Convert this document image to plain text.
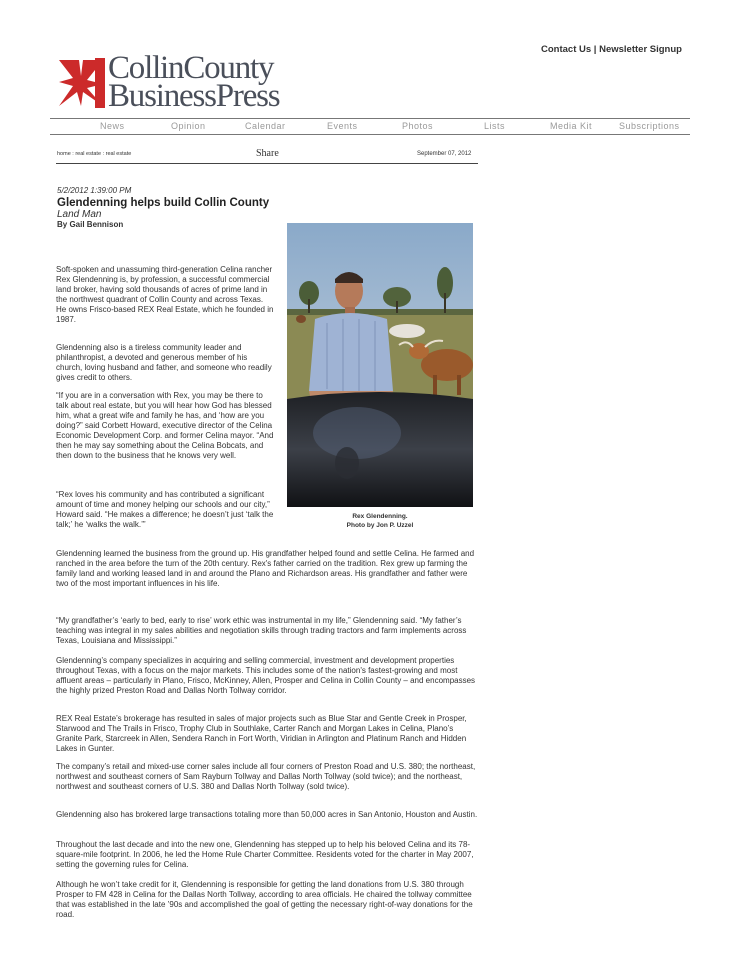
Contact Us | Newsletter Signup
CollinCounty
BusinessPress
News	Opinion	Calendar	Events	Photos	Lists	Media Kit	Subscriptions
home : real estate : real estate	Share	September 07, 2012
5/2/2012 1:39:00 PM
Glendenning helps build Collin County
Land Man
By Gail Bennison
Rex Glendenning.
Photo by Jon P. Uzzel

Soft-spoken and unassuming third-generation Celina rancher Rex Glendenning is, by profession, a successful commercial land broker, having sold thousands of acres of prime land in the northwest quadrant of Collin County and across Texas. He owns Frisco-based REX Real Estate, which he founded in 1987.

Glendenning also is a tireless community leader and philanthropist, a devoted and generous member of his church, loving husband and father, and someone who readily gives credit to others.

“If you are in a conversation with Rex, you may be there to talk about real estate, but you will hear how God has blessed him, what a great wife and family he has, and ‘how are you doing?” said Corbett Howard, executive director of the Celina Economic Development Corp. and former Celina mayor. “And then he may say something about the Celina Bobcats, and then down to the business that he knows very well.

“Rex loves his community and has contributed a significant amount of time and money helping our schools and our city,” Howard said. “He makes a difference; he doesn’t just ‘talk the talk;’ he ‘walks the walk.’”

Glendenning learned the business from the ground up. His grandfather helped found and settle Celina. He farmed and ranched in the area before the turn of the 20th century. Rex's father carried on the tradition. Rex grew up farming the family land and working leased land in and around the Plano and Richardson areas. His grandfather and father were two of the most important influences in his life.

“My grandfather’s ‘early to bed, early to rise’ work ethic was instrumental in my life,” Glendenning said. “My father’s teaching was integral in my sales abilities and negotiation skills through trading tractors and farm implements across Texas, Louisiana and Mississippi.”

Glendenning’s company specializes in acquiring and selling commercial, investment and development properties throughout Texas, with a focus on the major markets. This includes some of the nation's fastest-growing and most affluent areas – particularly in Plano, Frisco, McKinney, Allen, Prosper and Celina in Collin County – and encompasses the highly prized Preston Road and Dallas North Tollway corridor.

REX Real Estate’s brokerage has resulted in sales of major projects such as Blue Star and Gentle Creek in Prosper, Starwood and The Trails in Frisco, Trophy Club in Southlake, Carter Ranch and Morgan Lakes in Celina, Plano’s Granite Park, Starcreek in Allen, Sendera Ranch in Fort Worth, Viridian in Arlington and Platinum Ranch and Hidden Lakes in Gunter.

The company’s retail and mixed-use corner sales include all four corners of Preston Road and U.S. 380; the northeast, northwest and southeast corners of Sam Rayburn Tollway and Dallas North Tollway (sold twice); and the northeast, northwest and southeast corners of U.S. 380 and Dallas North Tollway (sold twice).

Glendenning also has brokered large transactions totaling more than 50,000 acres in San Antonio, Houston and Austin.

Throughout the last decade and into the new one, Glendenning has stepped up to help his beloved Celina and its 78-square-mile footprint. In 2006, he led the Home Rule Charter Committee. Residents voted for the charter in May 2007, setting the governing rules for Celina.

Although he won’t take credit for it, Glendenning is responsible for getting the land donations from U.S. 380 through Prosper to FM 428 in Celina for the Dallas North Tollway, according to area officials. He chaired the tollway committee that was established in the late ’90s and accomplished the goal of getting the necessary right-of-way donations for the road.
